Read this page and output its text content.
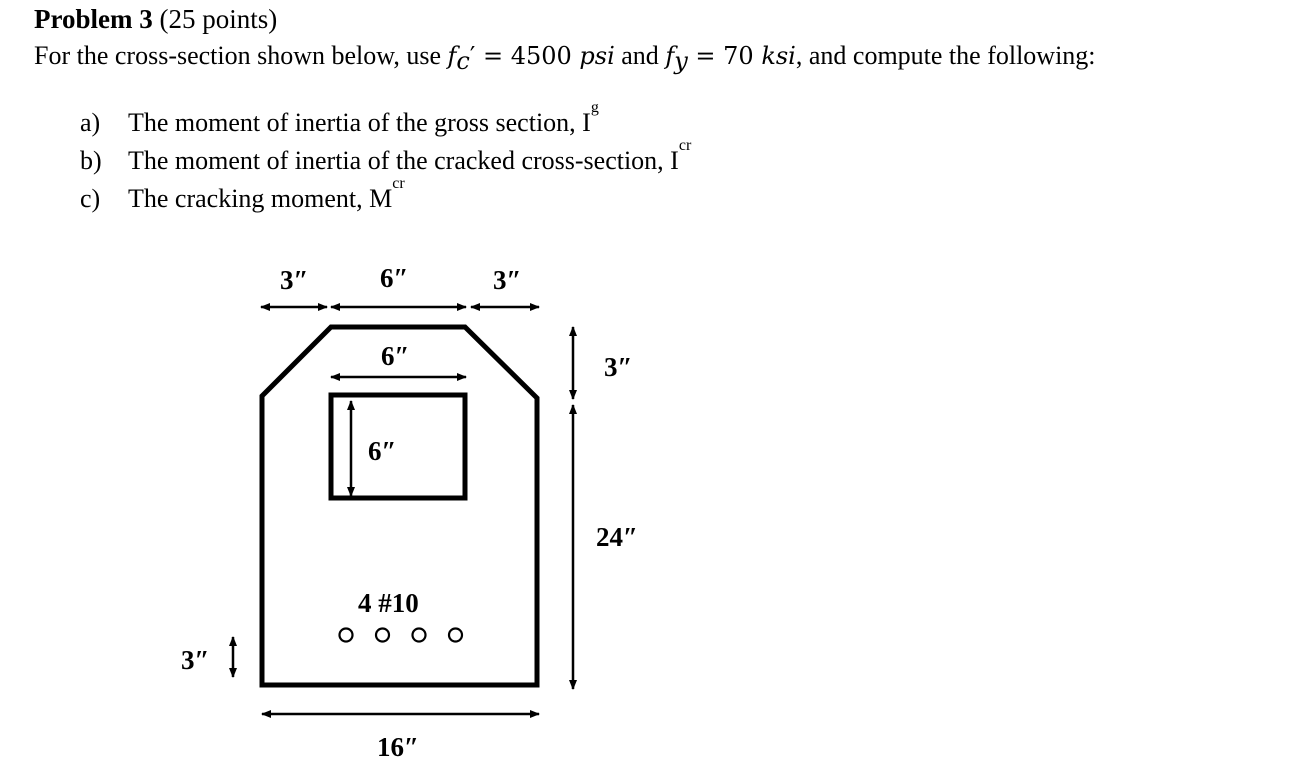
Problem 3 (25 points)
For the cross-section shown below, use $f_c' = 4500$ psi and $f_y = 70$ ksi, and compute the following:
a)	The moment of inertia of the gross section, I
g
b)	The moment of inertia of the cracked cross-section, I
cr
c)	The cracking moment, M
cr
3″	6″	3″
6″
6″
3″
24″
3″
16″
4 #10
